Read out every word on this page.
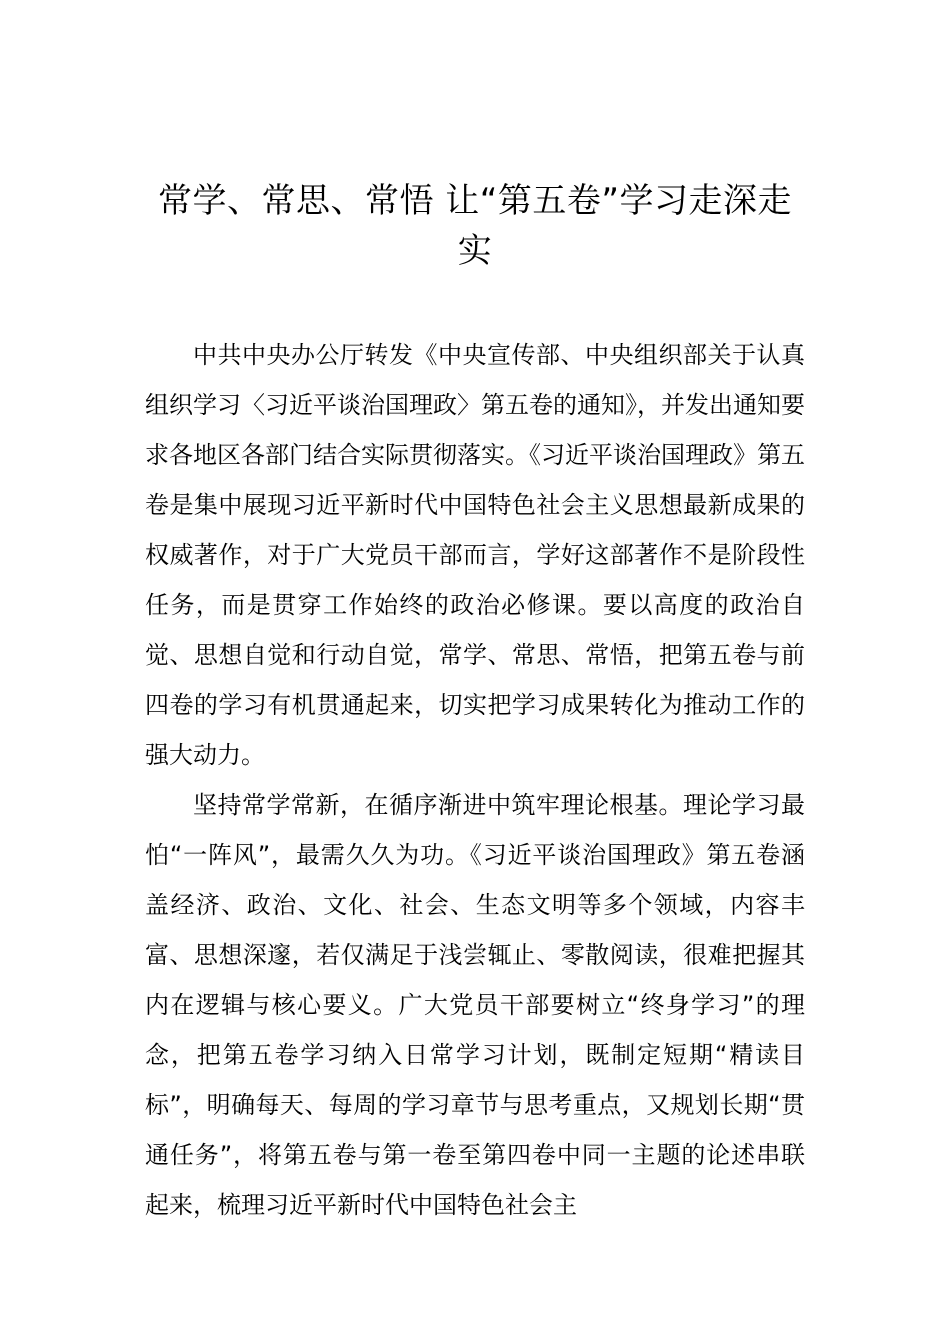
常学、常思、常悟 让“第五卷”学习走深走实

中共中央办公厅转发《中央宣传部、中央组织部关于认真组织学习〈习近平谈治国理政〉第五卷的通知》，并发出通知要求各地区各部门结合实际贯彻落实。《习近平谈治国理政》第五卷是集中展现习近平新时代中国特色社会主义思想最新成果的权威著作，对于广大党员干部而言，学好这部著作不是阶段性任务，而是贯穿工作始终的政治必修课。要以高度的政治自觉、思想自觉和行动自觉，常学、常思、常悟，把第五卷与前四卷的学习有机贯通起来，切实把学习成果转化为推动工作的强大动力。

坚持常学常新，在循序渐进中筑牢理论根基。理论学习最怕“一阵风”，最需久久为功。《习近平谈治国理政》第五卷涵盖经济、政治、文化、社会、生态文明等多个领域，内容丰富、思想深邃，若仅满足于浅尝辄止、零散阅读，很难把握其内在逻辑与核心要义。广大党员干部要树立“终身学习”的理念，把第五卷学习纳入日常学习计划，既制定短期“精读目标”，明确每天、每周的学习章节与思考重点，又规划长期“贯通任务”，将第五卷与第一卷至第四卷中同一主题的论述串联起来，梳理习近平新时代中国特色社会主
